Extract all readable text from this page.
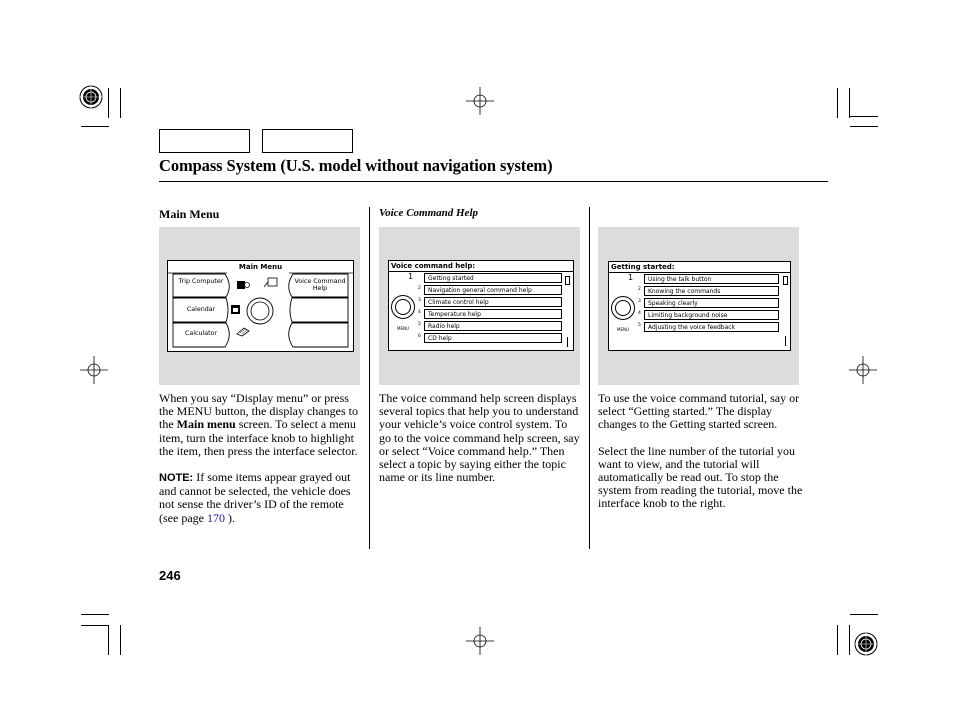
Compass System (U.S. model without navigation system)
Main Menu	Voice Command Help
Main Menu
Trip Computer
Calendar
Calculator
Voice Command Help
Voice command help:
1	Getting started
2	Navigation general command help
3	Climate control help
4	Temperature help
5	Radio help
6	CD help
MENU
Getting started:
1	Using the talk button
2	Knowing the commands
3	Speaking clearly
4	Limiting background noise
5	Adjusting the voice feedback
MENU

When you say “Display menu” or press the MENU button, the display changes to the Main menu screen. To select a menu item, turn the interface knob to highlight the item, then press the interface selector.

NOTE: If some items appear grayed out and cannot be selected, the vehicle does not sense the driver’s ID of the remote (see page 170 ).

The voice command help screen displays several topics that help you to understand your vehicle’s voice control system. To go to the voice command help screen, say or select “Voice command help.” Then select a topic by saying either the topic name or its line number.

To use the voice command tutorial, say or select “Getting started.” The display changes to the Getting started screen.

Select the line number of the tutorial you want to view, and the tutorial will automatically be read out. To stop the system from reading the tutorial, move the interface knob to the right.

246
